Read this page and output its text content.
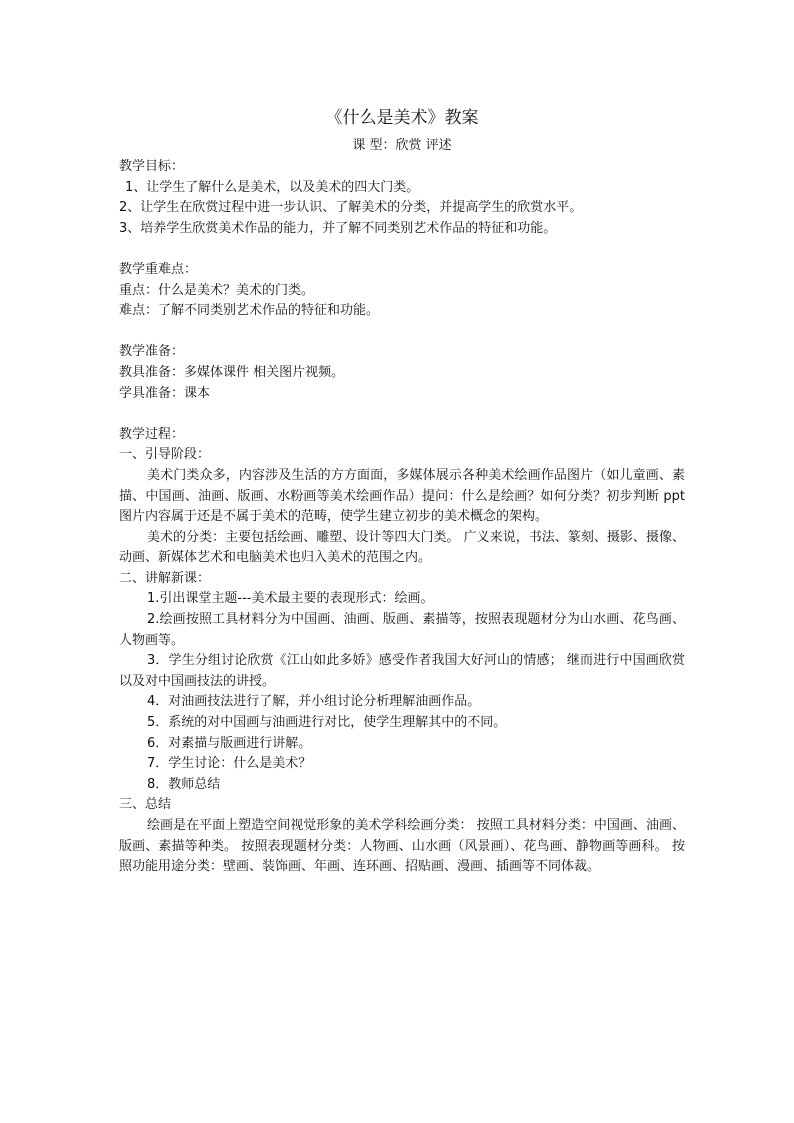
《什么是美术》教案

课 型：欣赏 评述

教学目标：

1、让学生了解什么是美术，以及美术的四大门类。

2、让学生在欣赏过程中进一步认识、了解美术的分类，并提高学生的欣赏水平。

3、培养学生欣赏美术作品的能力，并了解不同类别艺术作品的特征和功能。

教学重难点：

重点：什么是美术？美术的门类。

难点：了解不同类别艺术作品的特征和功能。

教学准备：

教具准备：多媒体课件 相关图片视频。

学具准备：课本

教学过程：

一、引导阶段：

美术门类众多，内容涉及生活的方方面面，多媒体展示各种美术绘画作品图片（如儿童画、素描、中国画、油画、版画、水粉画等美术绘画作品）提问：什么是绘画？如何分类？初步判断 ppt 图片内容属于还是不属于美术的范畴，使学生建立初步的美术概念的架构。

美术的分类：主要包括绘画、雕塑、设计等四大门类。 广义来说，书法、篆刻、摄影、摄像、动画、新媒体艺术和电脑美术也归入美术的范围之内。

二、讲解新课：

1.引出课堂主题---美术最主要的表现形式：绘画。

2.绘画按照工具材料分为中国画、油画、版画、素描等，按照表现题材分为山水画、花鸟画、人物画等。

3．学生分组讨论欣赏《江山如此多娇》感受作者我国大好河山的情感； 继而进行中国画欣赏以及对中国画技法的讲授。

4．对油画技法进行了解，并小组讨论分析理解油画作品。

5．系统的对中国画与油画进行对比，使学生理解其中的不同。

6．对素描与版画进行讲解。

7．学生讨论：什么是美术？

8．教师总结

三、总结

绘画是在平面上塑造空间视觉形象的美术学科绘画分类： 按照工具材料分类：中国画、油画、版画、素描等种类。 按照表现题材分类：人物画、山水画（风景画）、花鸟画、静物画等画科。 按照功能用途分类：壁画、装饰画、年画、连环画、招贴画、漫画、插画等不同体裁。
